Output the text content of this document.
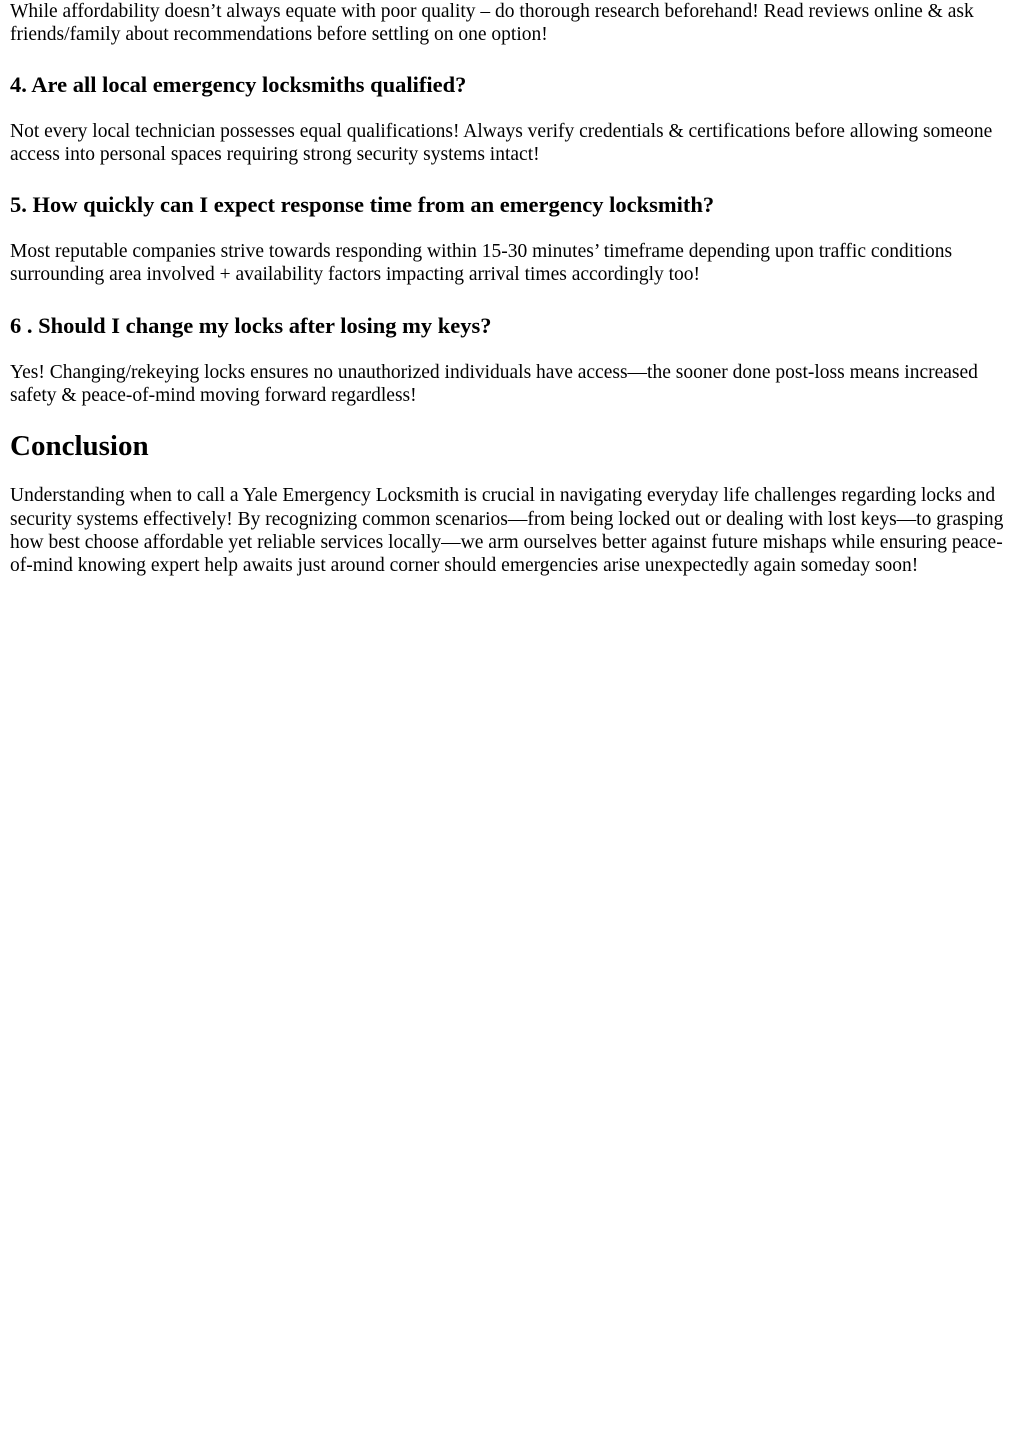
While affordability doesn’t always equate with poor quality – do thorough research beforehand! Read reviews online & ask friends/family about recommendations before settling on one option!

4. Are all local emergency locksmiths qualified?

Not every local technician possesses equal qualifications! Always verify credentials & certifications before allowing someone access into personal spaces requiring strong security systems intact!

5. How quickly can I expect response time from an emergency locksmith?

Most reputable companies strive towards responding within 15-30 minutes’ timeframe depending upon traffic conditions surrounding area involved + availability factors impacting arrival times accordingly too!

6 . Should I change my locks after losing my keys?

Yes! Changing/rekeying locks ensures no unauthorized individuals have access—the sooner done post-loss means increased safety & peace-of-mind moving forward regardless!

Conclusion

Understanding when to call a Yale Emergency Locksmith is crucial in navigating everyday life challenges regarding locks and security systems effectively! By recognizing common scenarios—from being locked out or dealing with lost keys—to grasping how best choose affordable yet reliable services locally—we arm ourselves better against future mishaps while ensuring peace-of-mind knowing expert help awaits just around corner should emergencies arise unexpectedly again someday soon!
